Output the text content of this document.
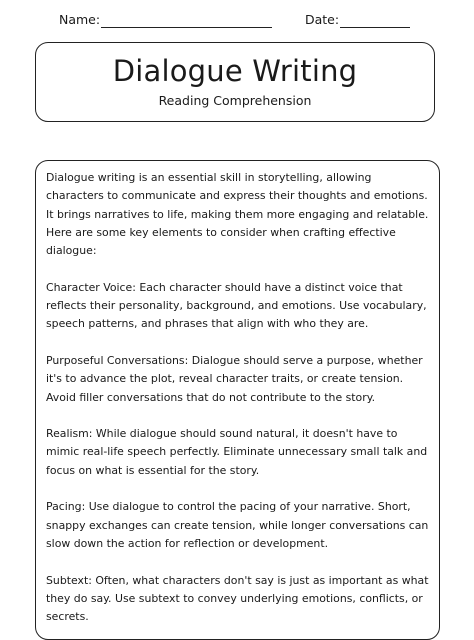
Name:	Date:
Dialogue Writing
Reading Comprehension

Dialogue writing is an essential skill in storytelling, allowing characters to communicate and express their thoughts and emotions. It brings narratives to life, making them more engaging and relatable. Here are some key elements to consider when crafting effective dialogue:

Character Voice: Each character should have a distinct voice that reflects their personality, background, and emotions. Use vocabulary, speech patterns, and phrases that align with who they are.

Purposeful Conversations: Dialogue should serve a purpose, whether it's to advance the plot, reveal character traits, or create tension. Avoid filler conversations that do not contribute to the story.

Realism: While dialogue should sound natural, it doesn't have to mimic real-life speech perfectly. Eliminate unnecessary small talk and focus on what is essential for the story.

Pacing: Use dialogue to control the pacing of your narrative. Short, snappy exchanges can create tension, while longer conversations can slow down the action for reflection or development.

Subtext: Often, what characters don't say is just as important as what they do say. Use subtext to convey underlying emotions, conflicts, or secrets.
